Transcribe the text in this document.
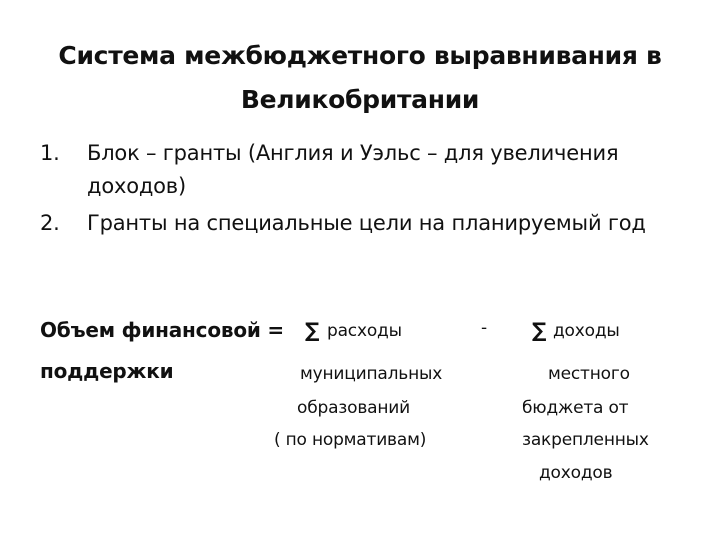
Система межбюджетного выравнивания в Великобритании
1. Блок – гранты (Англия и Уэльс – для увеличения доходов)
2. Гранты на специальные цели на планируемый год
Объем финансовой = ∑ расходы	- ∑ доходы
поддержки	муниципальных	местного
образований	бюджета от
( по нормативам)	закрепленных
доходов
